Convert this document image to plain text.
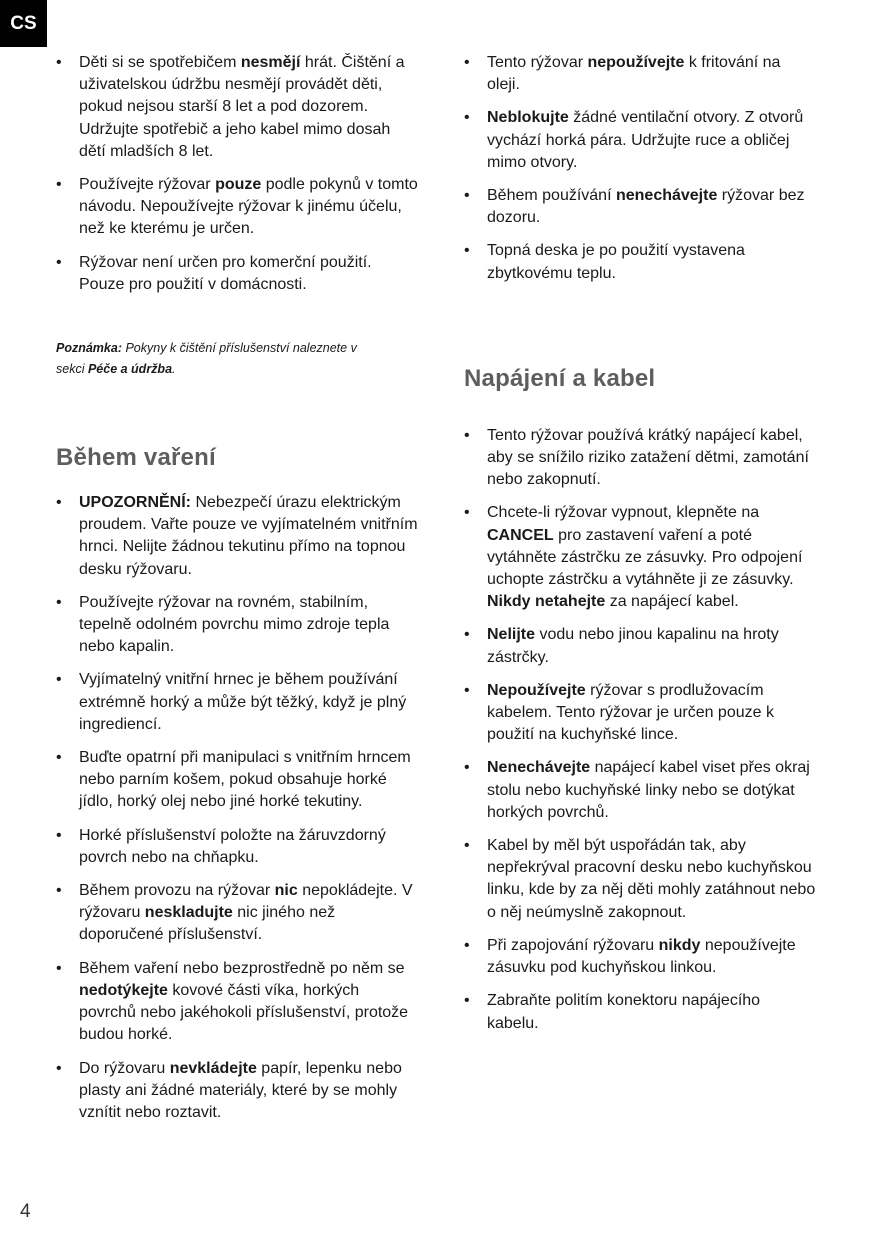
CS
• Děti si se spotřebičem nesmějí hrát. Čištění a uživatelskou údržbu nesmějí provádět děti, pokud nejsou starší 8 let a pod dozorem. Udržujte spotřebič a jeho kabel mimo dosah dětí mladších 8 let.
• Používejte rýžovar pouze podle pokynů v tomto návodu. Nepoužívejte rýžovar k jinému účelu, než ke kterému je určen.
• Rýžovar není určen pro komerční použití. Pouze pro použití v domácnosti.
Poznámka: Pokyny k čištění příslušenství naleznete v sekci Péče a údržba.
Během vaření
• UPOZORNĚNÍ: Nebezpečí úrazu elektrickým proudem. Vařte pouze ve vyjímatelném vnitřním hrnci. Nelijte žádnou tekutinu přímo na topnou desku rýžovaru.
• Používejte rýžovar na rovném, stabilním, tepelně odolném povrchu mimo zdroje tepla nebo kapalin.
• Vyjímatelný vnitřní hrnec je během používání extrémně horký a může být těžký, když je plný ingrediencí.
• Buďte opatrní při manipulaci s vnitřním hrncem nebo parním košem, pokud obsahuje horké jídlo, horký olej nebo jiné horké tekutiny.
• Horké příslušenství položte na žáruvzdorný povrch nebo na chňapku.
• Během provozu na rýžovar nic nepokládejte. V rýžovaru neskladujte nic jiného než doporučené příslušenství.
• Během vaření nebo bezprostředně po něm se nedotýkejte kovové části víka, horkých povrchů nebo jakéhokoli příslušenství, protože budou horké.
• Do rýžovaru nevkládejte papír, lepenku nebo plasty ani žádné materiály, které by se mohly vznítit nebo roztavit.
• Tento rýžovar nepoužívejte k fritování na oleji.
• Neblokujte žádné ventilační otvory. Z otvorů vychází horká pára. Udržujte ruce a obličej mimo otvory.
• Během používání nenechávejte rýžovar bez dozoru.
• Topná deska je po použití vystavena zbytkovému teplu.
Napájení a kabel
• Tento rýžovar používá krátký napájecí kabel, aby se snížilo riziko zatažení dětmi, zamotání nebo zakopnutí.
• Chcete-li rýžovar vypnout, klepněte na CANCEL pro zastavení vaření a poté vytáhněte zástrčku ze zásuvky. Pro odpojení uchopte zástrčku a vytáhněte ji ze zásuvky. Nikdy netahejte za napájecí kabel.
• Nelijte vodu nebo jinou kapalinu na hroty zástrčky.
• Nepoužívejte rýžovar s prodlužovacím kabelem. Tento rýžovar je určen pouze k použití na kuchyňské lince.
• Nenechávejte napájecí kabel viset přes okraj stolu nebo kuchyňské linky nebo se dotýkat horkých povrchů.
• Kabel by měl být uspořádán tak, aby nepřekrýval pracovní desku nebo kuchyňskou linku, kde by za něj děti mohly zatáhnout nebo o něj neúmyslně zakopnout.
• Při zapojování rýžovaru nikdy nepoužívejte zásuvku pod kuchyňskou linkou.
• Zabraňte politím konektoru napájecího kabelu.
4
